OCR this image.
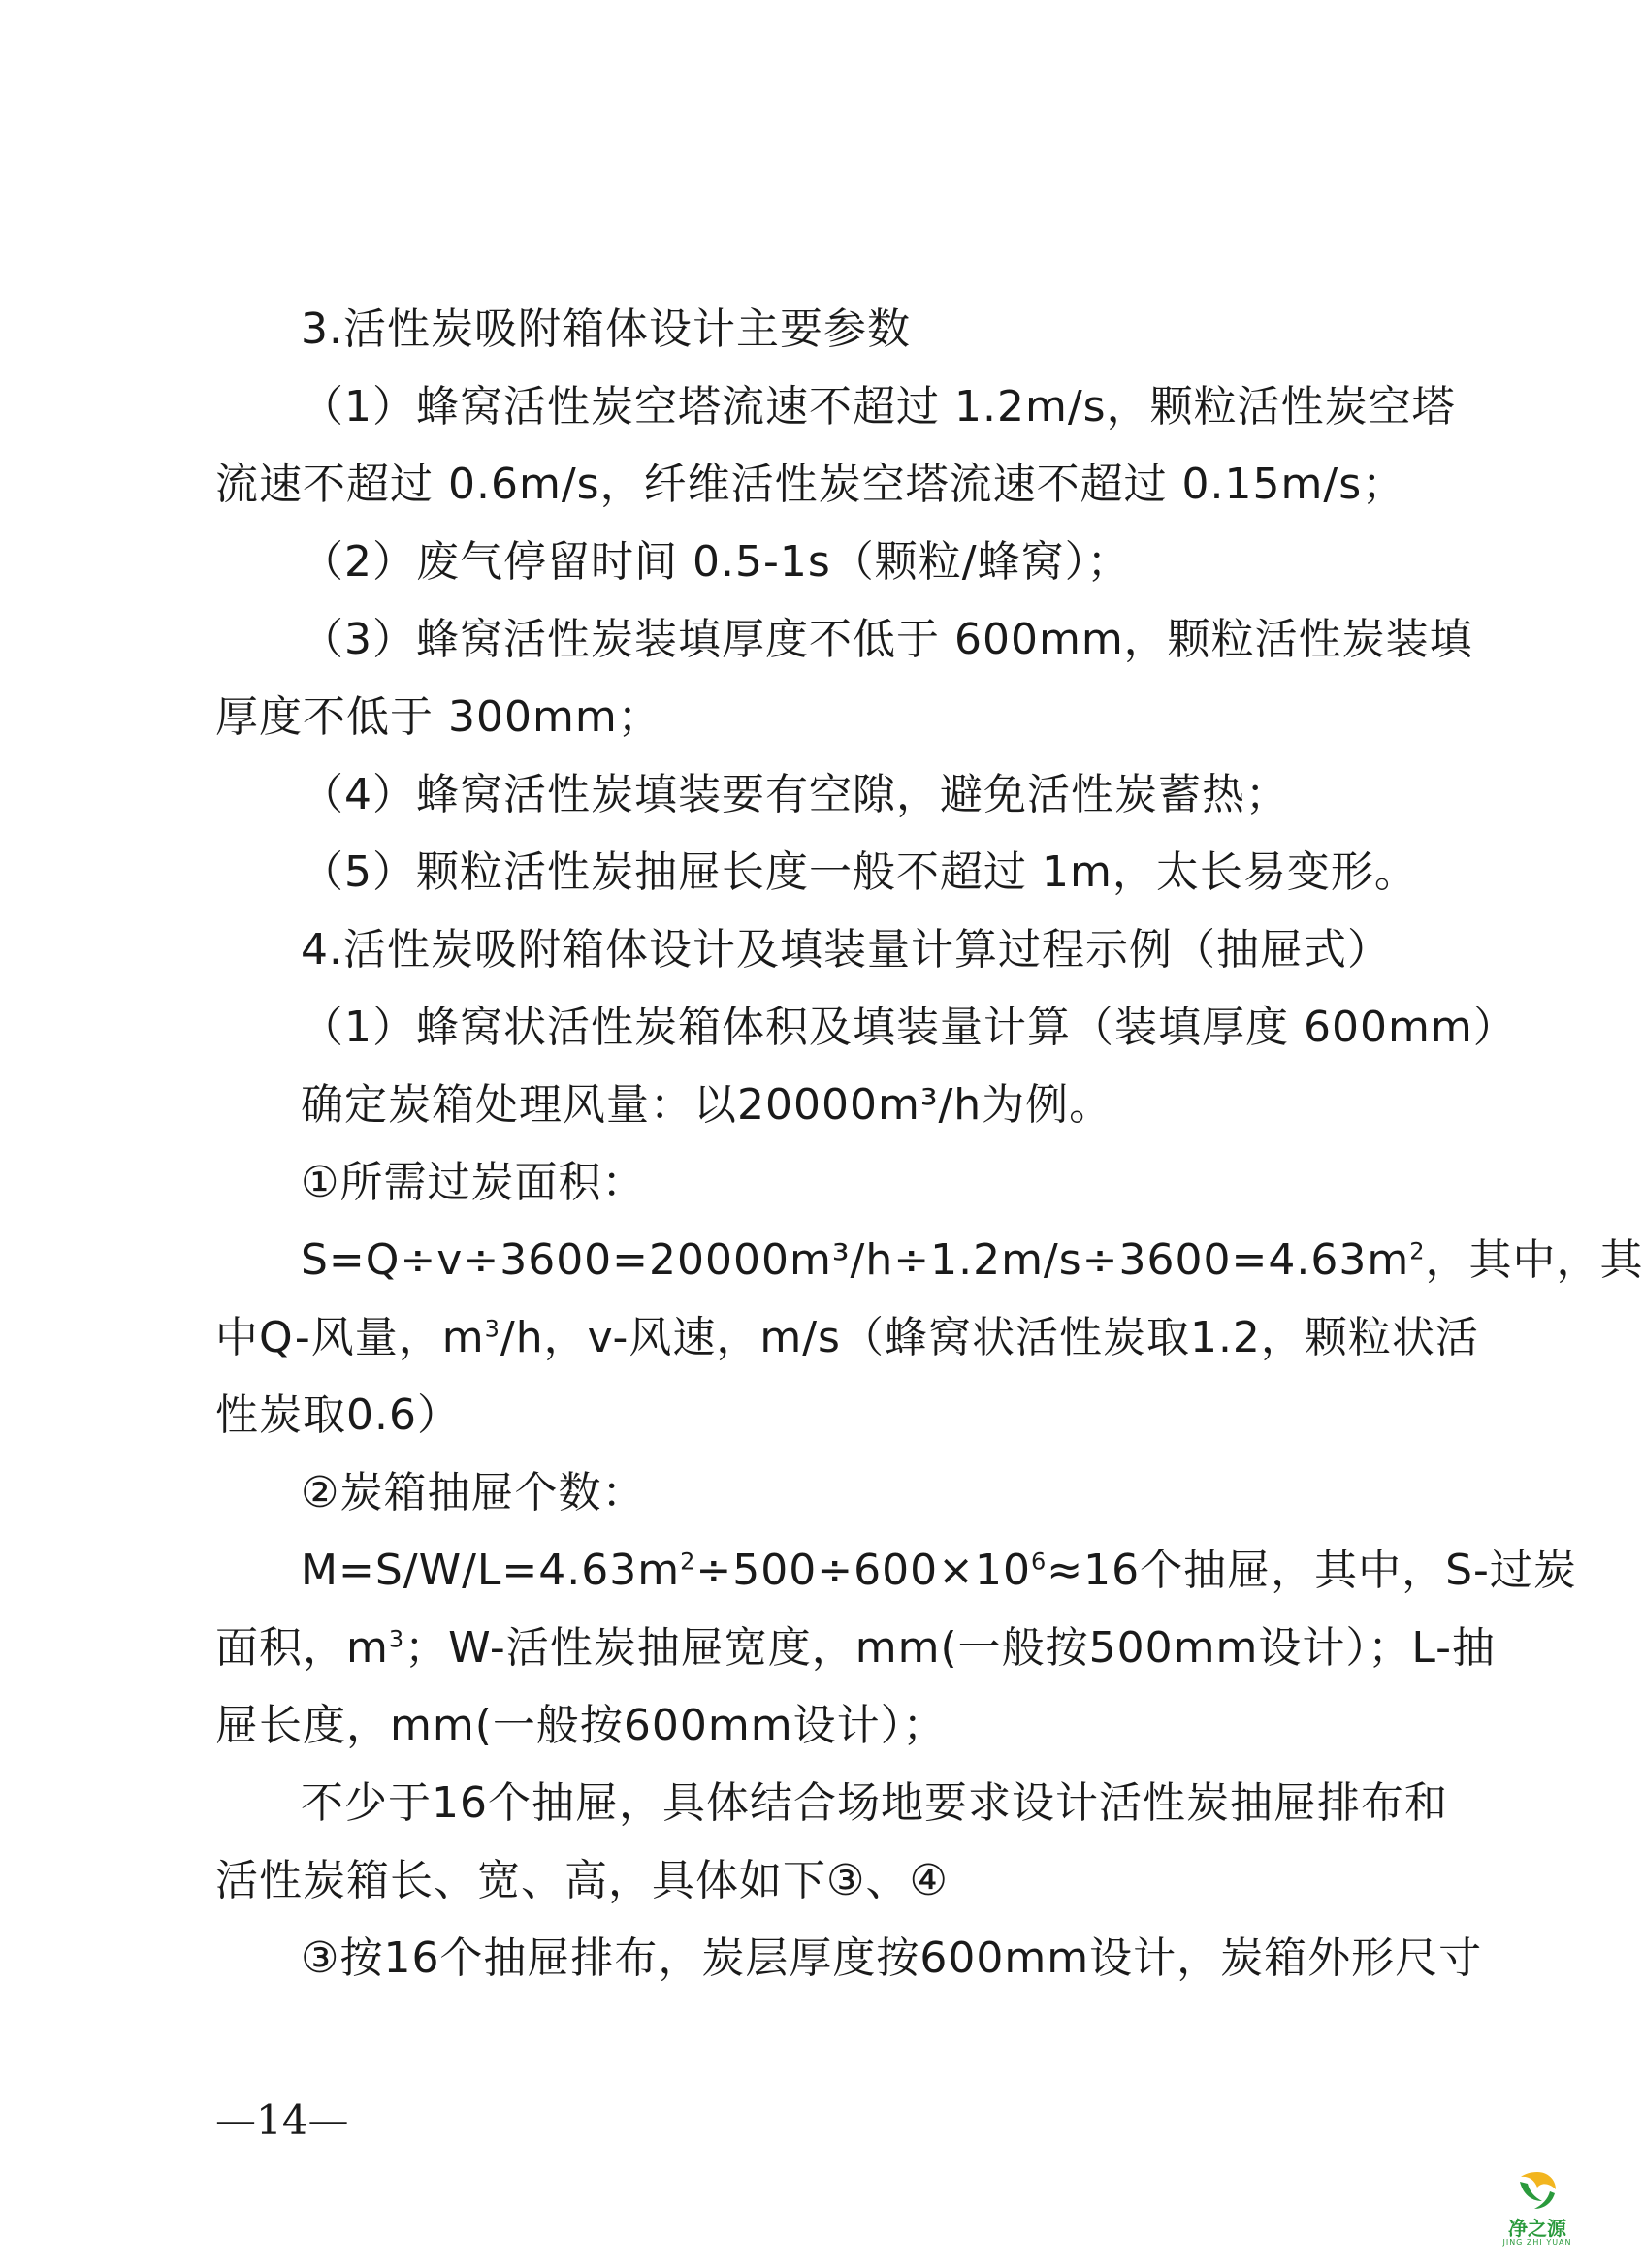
3.活性炭吸附箱体设计主要参数
（1）蜂窝活性炭空塔流速不超过 1.2m/s，颗粒活性炭空塔
流速不超过 0.6m/s，纤维活性炭空塔流速不超过 0.15m/s；
（2）废气停留时间 0.5-1s（颗粒/蜂窝）；
（3）蜂窝活性炭装填厚度不低于 600mm，颗粒活性炭装填
厚度不低于 300mm；
（4）蜂窝活性炭填装要有空隙，避免活性炭蓄热；
（5）颗粒活性炭抽屉长度一般不超过 1m，太长易变形。
4.活性炭吸附箱体设计及填装量计算过程示例（抽屉式）
（1）蜂窝状活性炭箱体积及填装量计算（装填厚度 600mm）
确定炭箱处理风量：以20000m³/h为例。
①所需过炭面积：
$S=Q\div v\div 3600=20000m^3/h\div 1.2m/s\div 3600=4.63m^2$，其中，其
中Q-风量，$m^3/h$，v-风速，m/s（蜂窝状活性炭取1.2，颗粒状活
性炭取0.6）
②炭箱抽屉个数：
$M=S/W/L=4.63m^2\div 500\div 600\times 10^6\approx 16$个抽屉，其中，S-过炭
面积，$m^3$；W-活性炭抽屉宽度，mm(一般按500mm设计）；L-抽
屉长度，mm(一般按600mm设计）；
不少于16个抽屉，具体结合场地要求设计活性炭抽屉排布和
活性炭箱长、宽、高，具体如下③、④
③按16个抽屉排布，炭层厚度按600mm设计，炭箱外形尺寸
—14—
净之源
JING ZHI YUAN
